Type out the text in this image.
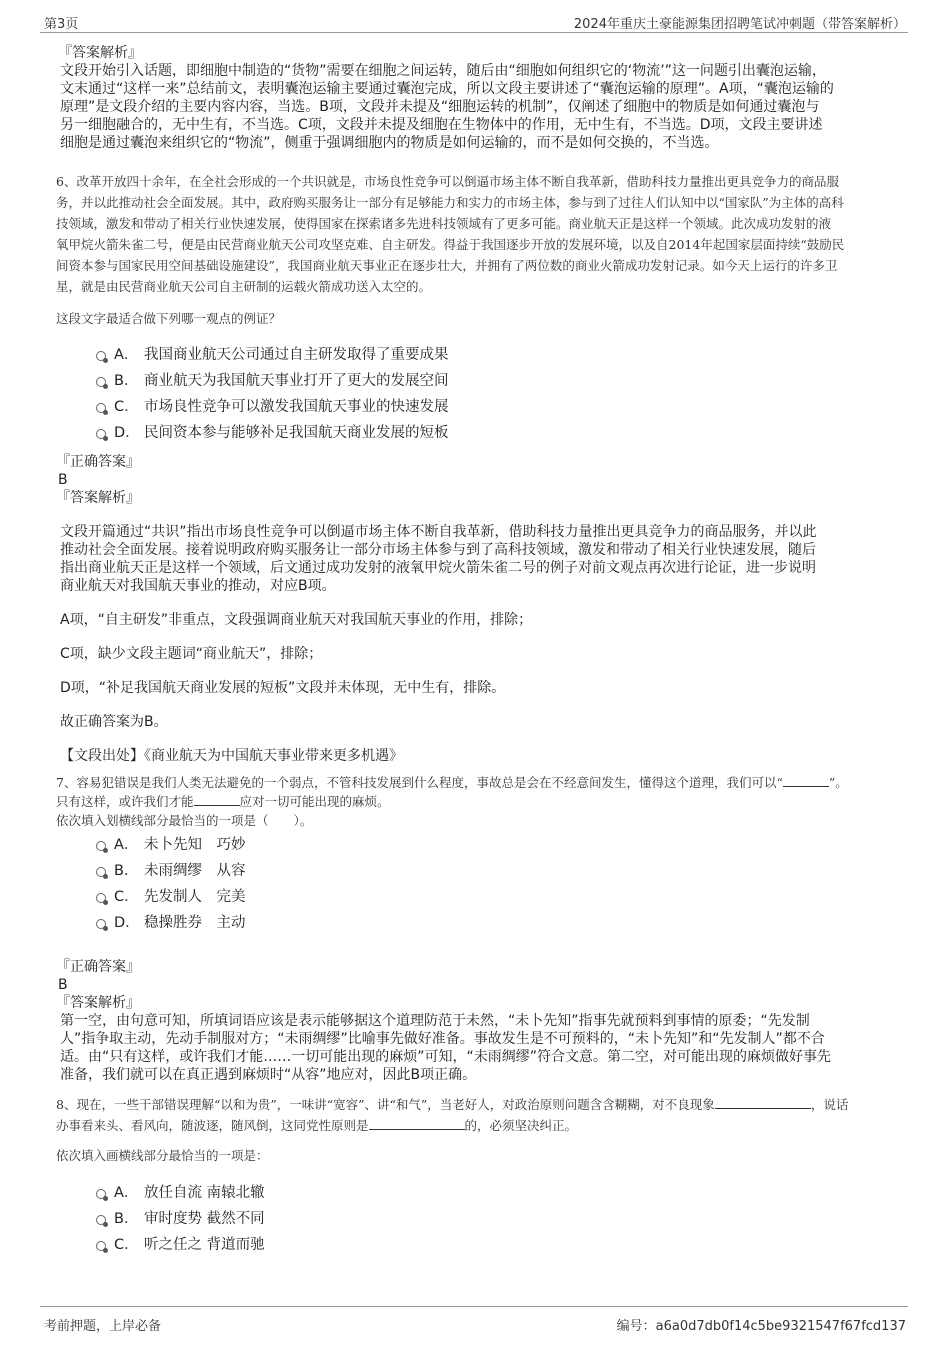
第3页	2024年重庆土豪能源集团招聘笔试冲刺题（带答案解析）
『答案解析』
文段开始引入话题，即细胞中制造的“货物”需要在细胞之间运转，随后由“细胞如何组织它的‘物流’”这一问题引出囊泡运输，
文末通过“这样一来”总结前文，表明囊泡运输主要通过囊泡完成，所以文段主要讲述了“囊泡运输的原理”。A项，“囊泡运输的
原理”是文段介绍的主要内容内容，当选。B项，文段并未提及“细胞运转的机制”，仅阐述了细胞中的物质是如何通过囊泡与
另一细胞融合的，无中生有，不当选。C项，文段并未提及细胞在生物体中的作用，无中生有，不当选。D项，文段主要讲述
细胞是通过囊泡来组织它的“物流”，侧重于强调细胞内的物质是如何运输的，而不是如何交换的，不当选。
6、改革开放四十余年，在全社会形成的一个共识就是，市场良性竞争可以倒逼市场主体不断自我革新，借助科技力量推出更具竞争力的商品服
务，并以此推动社会全面发展。其中，政府购买服务让一部分有足够能力和实力的市场主体，参与到了过往人们认知中以“国家队”为主体的高科
技领域，激发和带动了相关行业快速发展，使得国家在探索诸多先进科技领域有了更多可能。商业航天正是这样一个领域。此次成功发射的液
氧甲烷火箭朱雀二号，便是由民营商业航天公司攻坚克难、自主研发。得益于我国逐步开放的发展环境，以及自2014年起国家层面持续“鼓励民
间资本参与国家民用空间基础设施建设”，我国商业航天事业正在逐步壮大，并拥有了两位数的商业火箭成功发射记录。如今天上运行的许多卫
星，就是由民营商业航天公司自主研制的运载火箭成功送入太空的。
这段文字最适合做下列哪一观点的例证？
A． 我国商业航天公司通过自主研发取得了重要成果
B． 商业航天为我国航天事业打开了更大的发展空间
C． 市场良性竞争可以激发我国航天事业的快速发展
D． 民间资本参与能够补足我国航天商业发展的短板
『正确答案』
B
『答案解析』
文段开篇通过“共识”指出市场良性竞争可以倒逼市场主体不断自我革新，借助科技力量推出更具竞争力的商品服务，并以此
推动社会全面发展。接着说明政府购买服务让一部分市场主体参与到了高科技领域，激发和带动了相关行业快速发展，随后
指出商业航天正是这样一个领域，后文通过成功发射的液氧甲烷火箭朱雀二号的例子对前文观点再次进行论证，进一步说明
商业航天对我国航天事业的推动，对应B项。
A项，“自主研发”非重点，文段强调商业航天对我国航天事业的作用，排除；
C项，缺少文段主题词“商业航天”，排除；
D项，“补足我国航天商业发展的短板”文段并未体现，无中生有，排除。
故正确答案为B。
【文段出处】《商业航天为中国航天事业带来更多机遇》
7、容易犯错误是我们人类无法避免的一个弱点，不管科技发展到什么程度，事故总是会在不经意间发生，懂得这个道理，我们可以“	”。
只有这样，或许我们才能	应对一切可能出现的麻烦。
依次填入划横线部分最恰当的一项是（　　）。
A． 未卜先知　巧妙
B． 未雨绸缪　从容
C． 先发制人　完美
D． 稳操胜券　主动
『正确答案』
B
『答案解析』
第一空，由句意可知，所填词语应该是表示能够据这个道理防范于未然，“未卜先知”指事先就预料到事情的原委；“先发制
人”指争取主动，先动手制服对方；“未雨绸缪”比喻事先做好准备。事故发生是不可预料的，“未卜先知”和“先发制人”都不合
适。由“只有这样，或许我们才能……一切可能出现的麻烦”可知，“未雨绸缪”符合文意。第二空，对可能出现的麻烦做好事先
准备，我们就可以在真正遇到麻烦时“从容”地应对，因此B项正确。
8、现在，一些干部错误理解“以和为贵”，一味讲“宽容”、讲“和气”，当老好人，对政治原则问题含含糊糊，对不良现象	，说话
办事看来头、看风向，随波逐，随风倒，这同党性原则是	的，必须坚决纠正。
依次填入画横线部分最恰当的一项是：
A． 放任自流 南辕北辙
B． 审时度势 截然不同
C． 听之任之 背道而驰
考前押题，上岸必备	编号：a6a0d7db0f14c5be9321547f67fcd137
